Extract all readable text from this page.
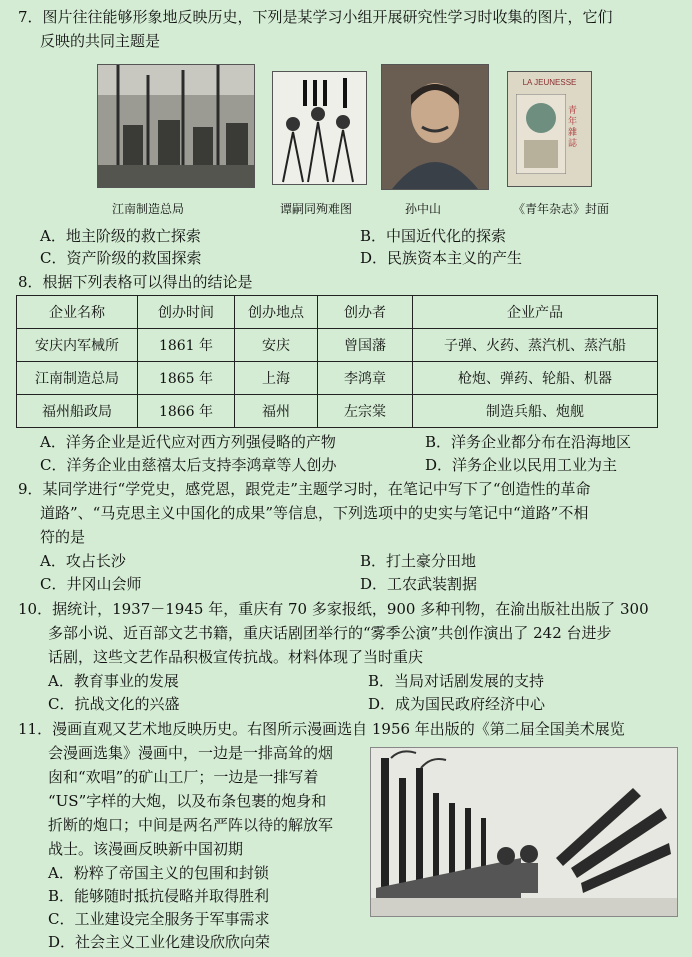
7．图片往往能够形象地反映历史，下列是某学习小组开展研究性学习时收集的图片，它们
反映的共同主题是
LA JEUNESSE
青年雜誌
江南制造总局	谭嗣同殉难图	孙中山	《青年杂志》封面
A．地主阶级的救亡探索	B．中国近代化的探索
C．资产阶级的救国探索	D．民族资本主义的产生
8．根据下列表格可以得出的结论是
企业名称	创办时间	创办地点	创办者	企业产品
安庆内军械所	1861 年	安庆	曾国藩	子弹、火药、蒸汽机、蒸汽船
江南制造总局	1865 年	上海	李鸿章	枪炮、弹药、轮船、机器
福州船政局	1866 年	福州	左宗棠	制造兵船、炮舰
A．洋务企业是近代应对西方列强侵略的产物	B．洋务企业都分布在沿海地区
C．洋务企业由慈禧太后支持李鸿章等人创办	D．洋务企业以民用工业为主
9．某同学进行“学党史，感党恩，跟党走”主题学习时，在笔记中写下了“创造性的革命
道路”、“马克思主义中国化的成果”等信息，下列选项中的史实与笔记中“道路”不相
符的是
A．攻占长沙	B．打土豪分田地
C．井冈山会师	D．工农武装割据
10．据统计，1937－1945 年，重庆有 70 多家报纸，900 多种刊物，在渝出版社出版了 300
多部小说、近百部文艺书籍，重庆话剧团举行的“雾季公演”共创作演出了 242 台进步
话剧，这些文艺作品积极宣传抗战。材料体现了当时重庆
A．教育事业的发展	B．当局对话剧发展的支持
C．抗战文化的兴盛	D．成为国民政府经济中心
11．漫画直观又艺术地反映历史。右图所示漫画选自 1956 年出版的《第二届全国美术展览
会漫画选集》漫画中，一边是一排高耸的烟
囱和“欢唱”的矿山工厂；一边是一排写着
“US”字样的大炮，以及布条包裹的炮身和
折断的炮口；中间是两名严阵以待的解放军
战士。该漫画反映新中国初期
A．粉粹了帝国主义的包围和封锁
B．能够随时抵抗侵略并取得胜利
C．工业建设完全服务于军事需求
D．社会主义工业化建设欣欣向荣
